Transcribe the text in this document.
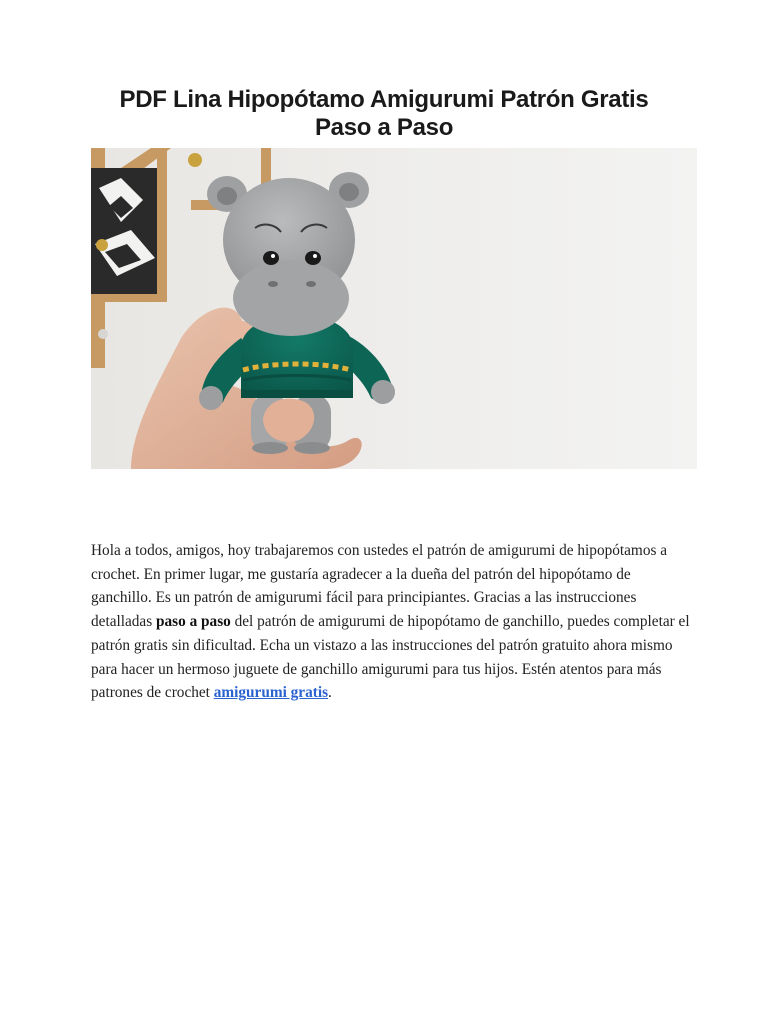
PDF Lina Hipopótamo Amigurumi Patrón Gratis
Paso a Paso

Hola a todos, amigos, hoy trabajaremos con ustedes el patrón de amigurumi de hipopótamos a crochet. En primer lugar, me gustaría agradecer a la dueña del patrón del hipopótamo de ganchillo. Es un patrón de amigurumi fácil para principiantes. Gracias a las instrucciones detalladas paso a paso del patrón de amigurumi de hipopótamo de ganchillo, puedes completar el patrón gratis sin dificultad. Echa un vistazo a las instrucciones del patrón gratuito ahora mismo para hacer un hermoso juguete de ganchillo amigurumi para tus hijos. Estén atentos para más patrones de crochet amigurumi gratis.
